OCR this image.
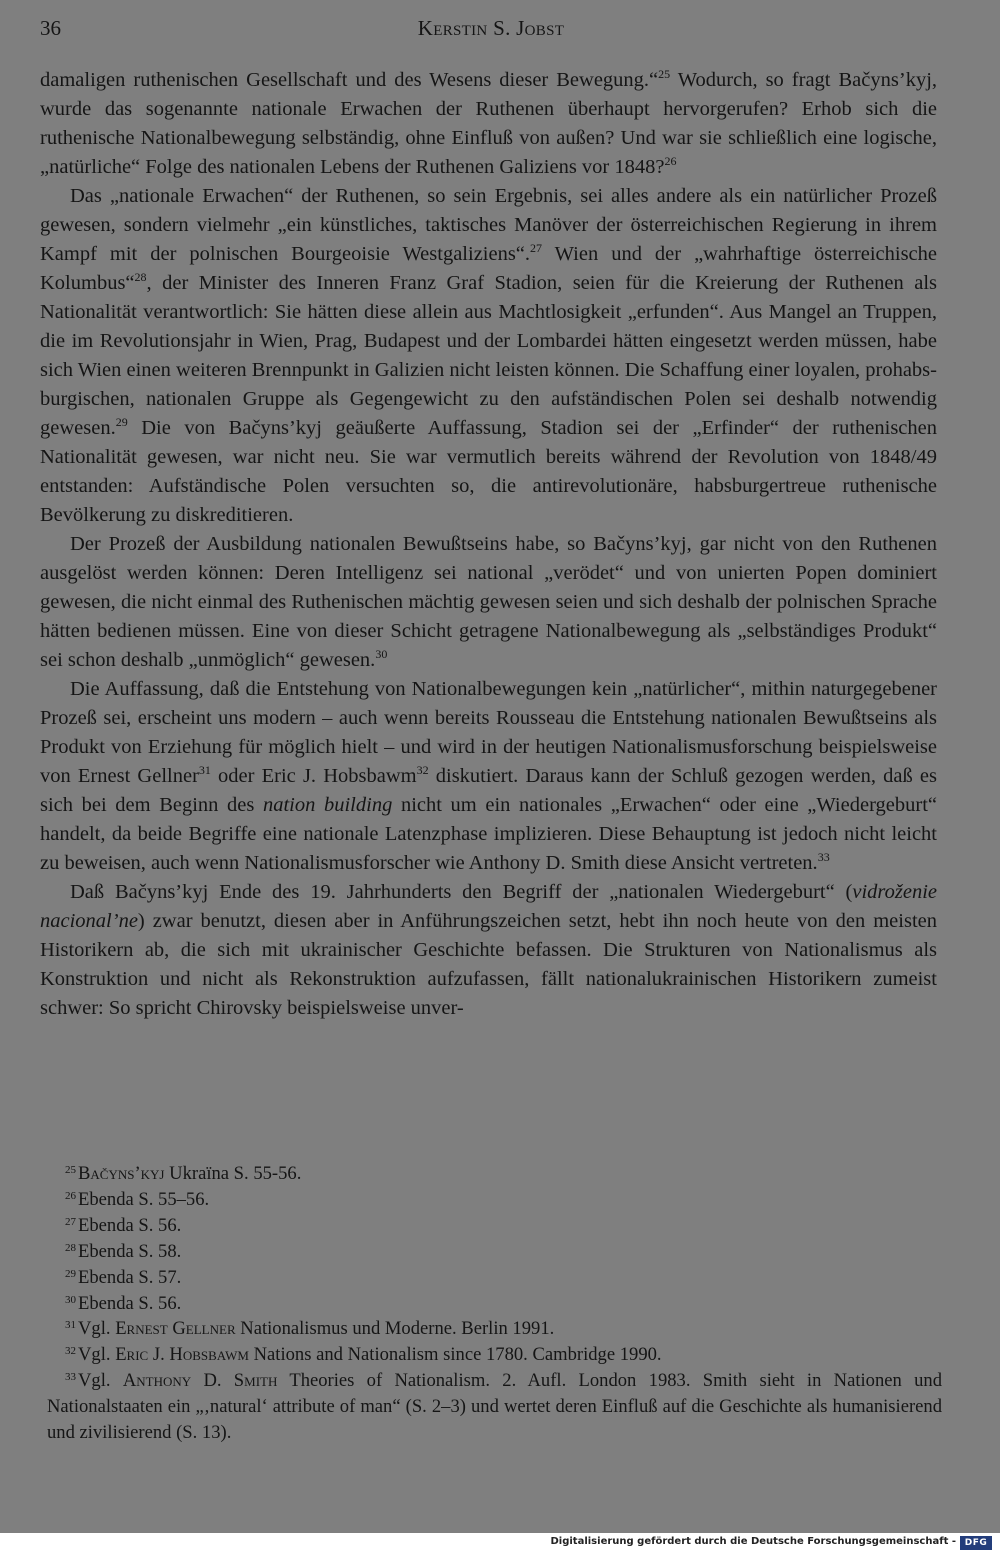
36	Kerstin S. Jobst

damaligen ruthenischen Gesellschaft und des Wesens dieser Bewegung.“$^{25}$ Wodurch, so fragt Bačyns’kyj, wurde das sogenannte nationale Erwachen der Ruthenen überhaupt hervorgerufen? Erhob sich die ruthenische Nationalbewegung selbständig, ohne Einfluß von außen? Und war sie schließlich eine logische, „natürliche“ Folge des nationalen Lebens der Ruthenen Galiziens vor 1848?$^{26}$

Das „nationale Erwachen“ der Ruthenen, so sein Ergebnis, sei alles andere als ein natürlicher Prozeß gewesen, sondern vielmehr „ein künstliches, taktisches Manöver der österreichischen Regierung in ihrem Kampf mit der polnischen Bourgeoisie Westgaliziens“.$^{27}$ Wien und der „wahrhaftige österreichische Kolumbus“$^{28}$, der Minister des Inneren Franz Graf Stadion, seien für die Kreierung der Ruthenen als Nationalität verantwortlich: Sie hätten diese allein aus Machtlosigkeit „erfunden“. Aus Mangel an Truppen, die im Revolutionsjahr in Wien, Prag, Budapest und der Lombardei hätten eingesetzt werden müssen, habe sich Wien einen weiteren Brennpunkt in Galizien nicht leisten können. Die Schaffung einer loyalen, prohabsburgischen, nationalen Gruppe als Gegengewicht zu den aufständischen Polen sei deshalb notwendig gewesen.$^{29}$ Die von Bačyns’kyj geäußerte Auffassung, Stadion sei der „Erfinder“ der ruthenischen Nationalität gewesen, war nicht neu. Sie war vermutlich bereits während der Revolution von 1848/49 entstanden: Aufständische Polen versuchten so, die antirevolutionäre, habsburgertreue ruthenische Bevölkerung zu diskreditieren.

Der Prozeß der Ausbildung nationalen Bewußtseins habe, so Bačyns’kyj, gar nicht von den Ruthenen ausgelöst werden können: Deren Intelligenz sei national „verödet“ und von unierten Popen dominiert gewesen, die nicht einmal des Ruthenischen mächtig gewesen seien und sich deshalb der polnischen Sprache hätten bedienen müssen. Eine von dieser Schicht getragene Nationalbewegung als „selbständiges Produkt“ sei schon deshalb „unmöglich“ gewesen.$^{30}$

Die Auffassung, daß die Entstehung von Nationalbewegungen kein „natürlicher“, mithin naturgegebener Prozeß sei, erscheint uns modern – auch wenn bereits Rousseau die Entstehung nationalen Bewußtseins als Produkt von Erziehung für möglich hielt – und wird in der heutigen Nationalismusforschung beispielsweise von Ernest Gellner$^{31}$ oder Eric J. Hobsbawm$^{32}$ diskutiert. Daraus kann der Schluß gezogen werden, daß es sich bei dem Beginn des nation building nicht um ein nationales „Erwachen“ oder eine „Wiedergeburt“ handelt, da beide Begriffe eine nationale Latenzphase implizieren. Diese Behauptung ist jedoch nicht leicht zu beweisen, auch wenn Nationalismusforscher wie Anthony D. Smith diese Ansicht vertreten.$^{33}$

Daß Bačyns’kyj Ende des 19. Jahrhunderts den Begriff der „nationalen Wiedergeburt“ (vidroženie nacional’ne) zwar benutzt, diesen aber in Anführungszeichen setzt, hebt ihn noch heute von den meisten Historikern ab, die sich mit ukrainischer Geschichte befassen. Die Strukturen von Nationalismus als Konstruktion und nicht als Rekonstruktion aufzufassen, fällt nationalukrainischen Historikern zumeist schwer: So spricht Chirovsky beispielsweise unver-

$^{25}$ Bačyns’kyj Ukraïna S. 55-56.

$^{26}$ Ebenda S. 55–56.

$^{27}$ Ebenda S. 56.

$^{28}$ Ebenda S. 58.

$^{29}$ Ebenda S. 57.

$^{30}$ Ebenda S. 56.

$^{31}$ Vgl. Ernest Gellner Nationalismus und Moderne. Berlin 1991.

$^{32}$ Vgl. Eric J. Hobsbawm Nations and Nationalism since 1780. Cambridge 1990.

$^{33}$ Vgl. Anthony D. Smith Theories of Nationalism. 2. Aufl. London 1983. Smith sieht in Nationen und Nationalstaaten ein „‚natural‘ attribute of man“ (S. 2–3) und wertet deren Einfluß auf die Geschichte als humanisierend und zivilisierend (S. 13).

Digitalisierung gefördert durch die Deutsche Forschungsgemeinschaft - DFG
